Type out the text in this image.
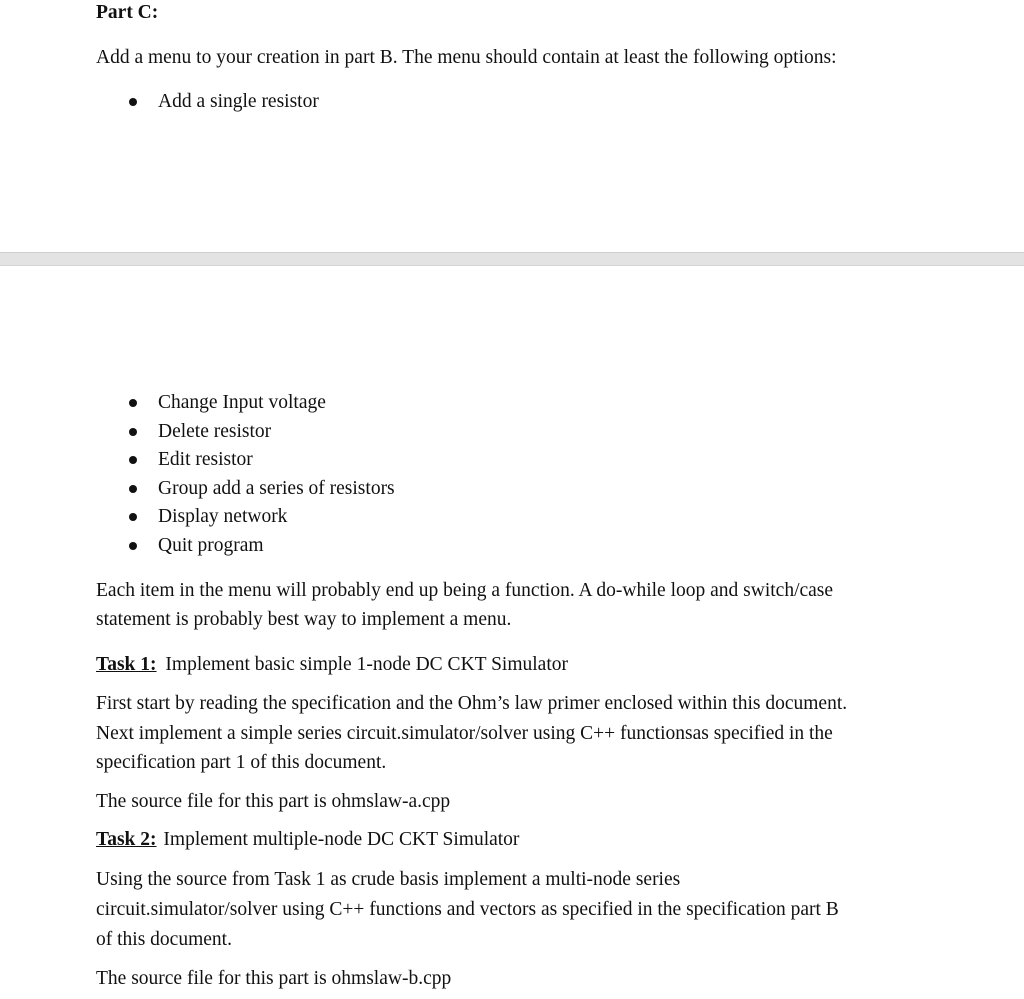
Part C:
Add a menu to your creation in part B. The menu should contain at least the following options:
Add a single resistor
Change Input voltage
Delete resistor
Edit resistor
Group add a series of resistors
Display network
Quit program
Each item in the menu will probably end up being a function. A do-while loop and switch/case
statement is probably best way to implement a menu.
Task 1: Implement basic simple 1-node DC CKT Simulator
First start by reading the specification and the Ohm’s law primer enclosed within this document.
Next implement a simple series circuit.simulator/solver using C++ functionsas specified in the
specification part 1 of this document.
The source file for this part is ohmslaw-a.cpp
Task 2: Implement multiple-node DC CKT Simulator
Using the source from Task 1 as crude basis implement a multi-node series
circuit.simulator/solver using C++ functions and vectors as specified in the specification part B
of this document.
The source file for this part is ohmslaw-b.cpp
